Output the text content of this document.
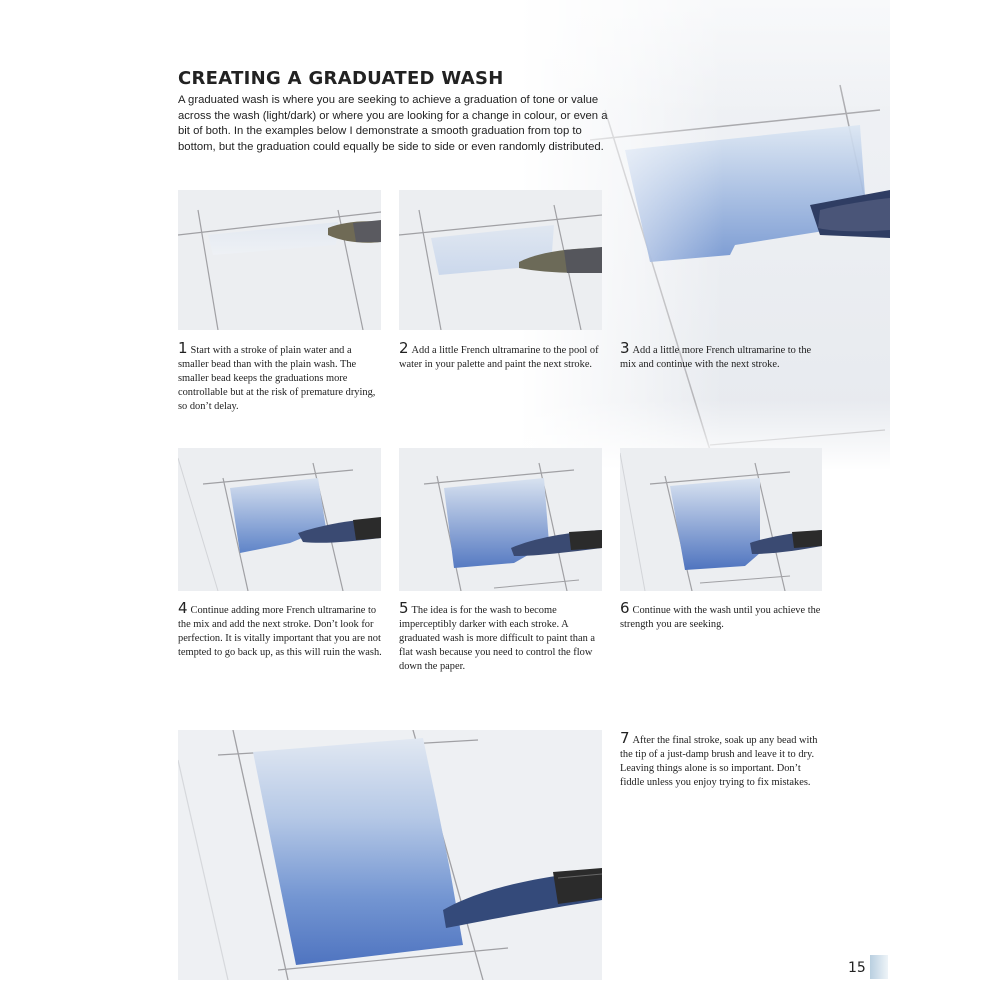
CREATING A GRADUATED WASH

A graduated wash is where you are seeking to achieve a graduation of tone or value across the wash (light/dark) or where you are looking for a change in colour, or even a bit of both. In the examples below I demonstrate a smooth graduation from top to bottom, but the graduation could equally be side to side or even randomly distributed.

1 Start with a stroke of plain water and a smaller bead than with the plain wash. The smaller bead keeps the graduations more controllable but at the risk of premature drying, so don’t delay.

2 Add a little French ultramarine to the pool of water in your palette and paint the next stroke.

3 Add a little more French ultramarine to the mix and continue with the next stroke.

4 Continue adding more French ultramarine to the mix and add the next stroke. Don’t look for perfection. It is vitally important that you are not tempted to go back up, as this will ruin the wash.

5 The idea is for the wash to become imperceptibly darker with each stroke. A graduated wash is more difficult to paint than a flat wash because you need to control the flow down the paper.

6 Continue with the wash until you achieve the strength you are seeking.

7 After the final stroke, soak up any bead with the tip of a just-damp brush and leave it to dry. Leaving things alone is so important. Don’t fiddle unless you enjoy trying to fix mistakes.

15
